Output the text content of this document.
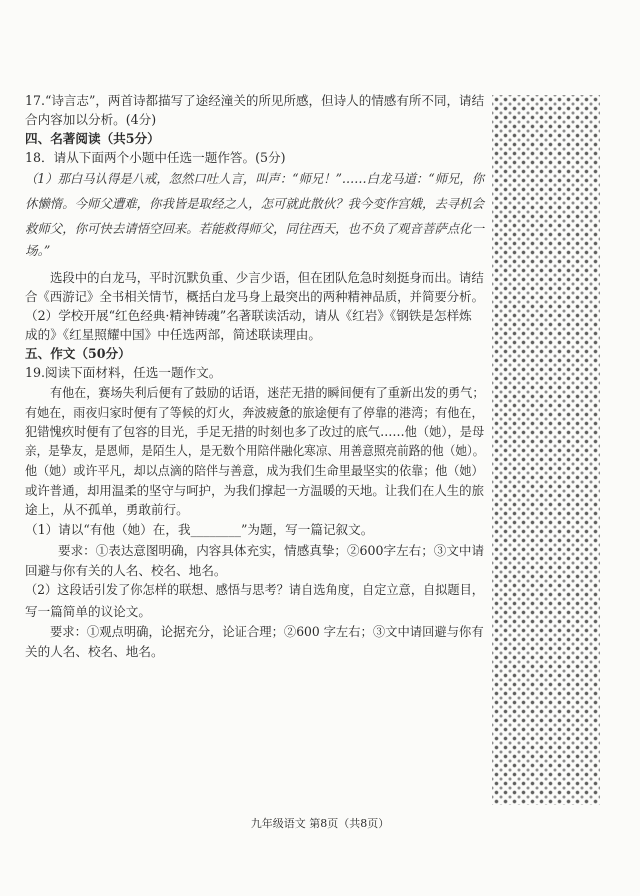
17.“诗言志”，两首诗都描写了途经潼关的所见所感，但诗人的情感有所不同，请结
合内容加以分析。(4分)
四、名著阅读（共5分）
18．请从下面两个小题中任选一题作答。(5分)
（1）那白马认得是八戒，忽然口吐人言，叫声：“师兄！”……白龙马道：“师兄，你
休懒惰。今师父遭难，你我皆是取经之人，怎可就此散伙？我今变作宫娥，去寻机会
救师父，你可快去请悟空回来。若能救得师父，同往西天，也不负了观音菩萨点化一
场。”
选段中的白龙马，平时沉默负重、少言少语，但在团队危急时刻挺身而出。请结
合《西游记》全书相关情节，概括白龙马身上最突出的两种精神品质，并简要分析。
（2）学校开展“红色经典·精神铸魂”名著联读活动，请从《红岩》《钢铁是怎样炼
成的》《红星照耀中国》中任选两部，简述联读理由。
五、作文（50分）
19.阅读下面材料，任选一题作文。
有他在，赛场失利后便有了鼓励的话语，迷茫无措的瞬间便有了重新出发的勇气；
有她在，雨夜归家时便有了等候的灯火，奔波疲惫的旅途便有了停靠的港湾；有他在，
犯错愧疚时便有了包容的目光，手足无措的时刻也多了改过的底气……他（她），是母
亲，是挚友，是恩师，是陌生人，是无数个用陪伴融化寒凉、用善意照亮前路的他（她）。
他（她）或许平凡，却以点滴的陪伴与善意，成为我们生命里最坚实的依靠；他（她）
或许普通，却用温柔的坚守与呵护，为我们撑起一方温暖的天地。让我们在人生的旅
途上，从不孤单，勇敢前行。
（1）请以“有他（她）在，我________”为题，写一篇记叙文。
要求：①表达意图明确，内容具体充实，情感真挚；②600字左右；③文中请
回避与你有关的人名、校名、地名。
（2）这段话引发了你怎样的联想、感悟与思考？请自选角度，自定立意，自拟题目，
写一篇简单的议论文。
要求：①观点明确，论据充分，论证合理；②600 字左右；③文中请回避与你有
关的人名、校名、地名。
九年级语文 第8页（共8页）
